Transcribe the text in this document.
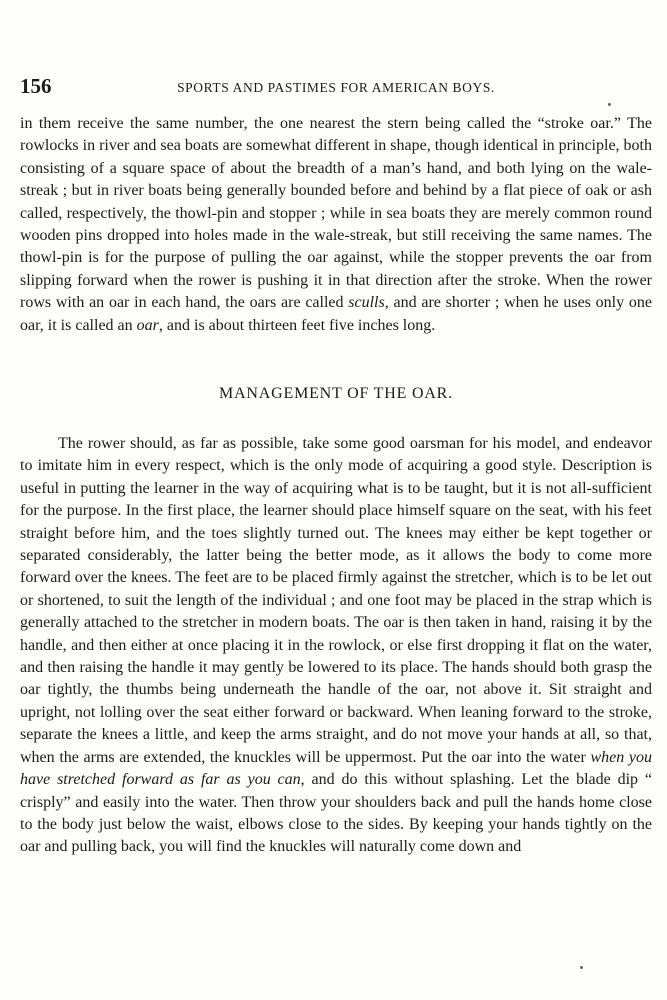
156	SPORTS AND PASTIMES FOR AMERICAN BOYS.

in them receive the same number, the one nearest the stern being called the “stroke oar.” The rowlocks in river and sea boats are somewhat different in shape, though identical in principle, both consisting of a square space of about the breadth of a man’s hand, and both lying on the wale-streak ; but in river boats being generally bounded before and behind by a flat piece of oak or ash called, respectively, the thowl-pin and stopper ; while in sea boats they are merely common round wooden pins dropped into holes made in the wale-streak, but still receiving the same names. The thowl-pin is for the purpose of pulling the oar against, while the stopper prevents the oar from slipping forward when the rower is pushing it in that direction after the stroke. When the rower rows with an oar in each hand, the oars are called sculls, and are shorter ; when he uses only one oar, it is called an oar, and is about thirteen feet five inches long.

MANAGEMENT OF THE OAR.

The rower should, as far as possible, take some good oarsman for his model, and endeavor to imitate him in every respect, which is the only mode of acquiring a good style. Description is useful in putting the learner in the way of acquiring what is to be taught, but it is not all-sufficient for the purpose. In the first place, the learner should place himself square on the seat, with his feet straight before him, and the toes slightly turned out. The knees may either be kept together or separated considerably, the latter being the better mode, as it allows the body to come more forward over the knees. The feet are to be placed firmly against the stretcher, which is to be let out or shortened, to suit the length of the individual ; and one foot may be placed in the strap which is generally attached to the stretcher in modern boats. The oar is then taken in hand, raising it by the handle, and then either at once placing it in the rowlock, or else first dropping it flat on the water, and then raising the handle it may gently be lowered to its place. The hands should both grasp the oar tightly, the thumbs being underneath the handle of the oar, not above it. Sit straight and upright, not lolling over the seat either forward or backward. When leaning forward to the stroke, separate the knees a little, and keep the arms straight, and do not move your hands at all, so that, when the arms are extended, the knuckles will be uppermost. Put the oar into the water when you have stretched forward as far as you can, and do this without splashing. Let the blade dip “ crisply” and easily into the water. Then throw your shoulders back and pull the hands home close to the body just below the waist, elbows close to the sides. By keeping your hands tightly on the oar and pulling back, you will find the knuckles will naturally come down and
